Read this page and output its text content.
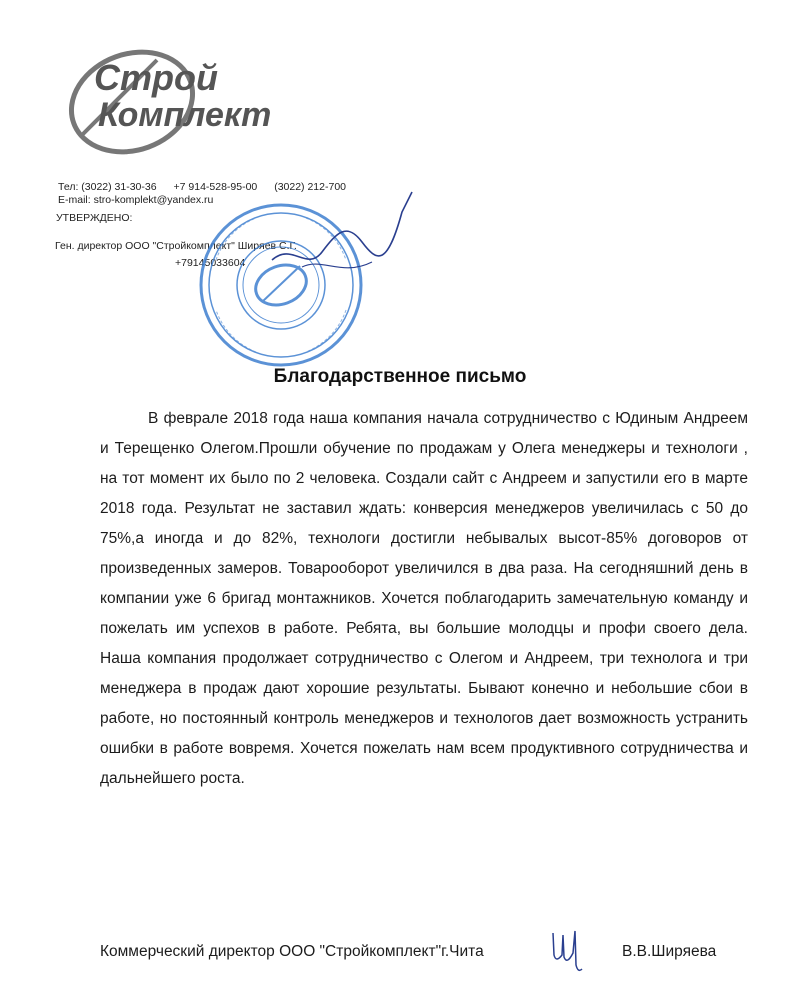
Строй
Комплект
Тел: (3022) 31-30-36 +7 914-528-95-00 (3022) 212-700
E-mail: stro-komplekt@yandex.ru
УТВЕРЖДЕНО:
Ген. директор ООО "Стройкомплект" Ширяев С.Г.
+79145033604
Благодарственное письмо

В феврале 2018 года наша компания начала сотрудничество с Юдиным Андреем и Терещенко Олегом.Прошли обучение по продажам у Олега менеджеры и технологи , на тот момент их было по 2 человека. Создали сайт с Андреем и запустили его в марте 2018 года. Результат не заставил ждать: конверсия менеджеров увеличилась с 50 до 75%,а иногда и до 82%, технологи достигли небывалых высот-85% договоров от произведенных замеров. Товарооборот увеличился в два раза. На сегодняшний день в компании уже 6 бригад монтажников. Хочется поблагодарить замечательную команду и пожелать им успехов в работе. Ребята, вы большие молодцы и профи своего дела. Наша компания продолжает сотрудничество с Олегом и Андреем, три технолога и три менеджера в продаж дают хорошие результаты. Бывают конечно и небольшие сбои в работе, но постоянный контроль менеджеров и технологов дает возможность устранить ошибки в работе вовремя. Хочется пожелать нам всем продуктивного сотрудничества и дальнейшего роста.

Коммерческий директор ООО "Стройкомплект"г.Чита	В.В.Ширяева
